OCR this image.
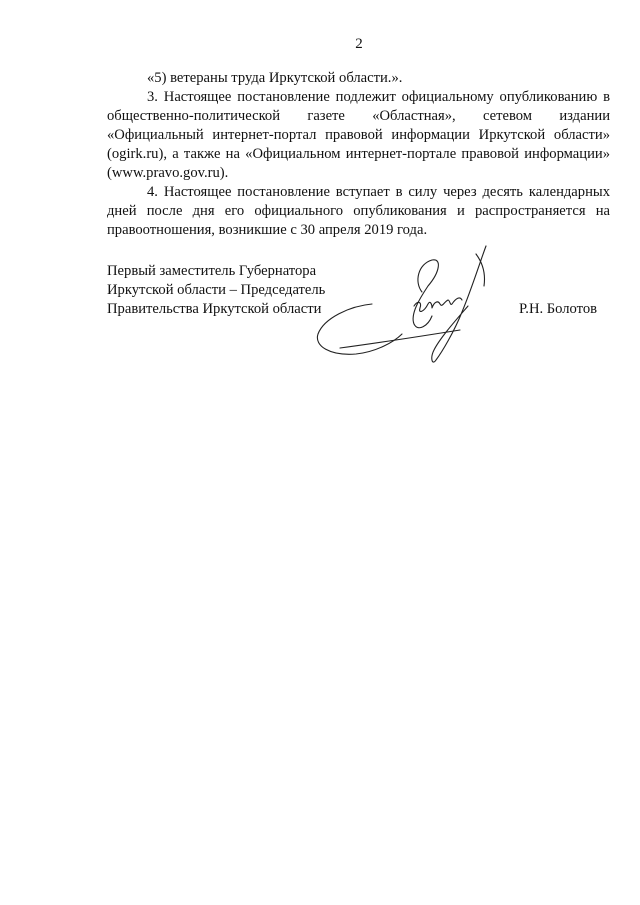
2

«5) ветераны труда Иркутской области.».

3. Настоящее постановление подлежит официальному опубликованию в общественно-политической газете «Областная», сетевом издании «Официальный интернет-портал правовой информации Иркутской области» (ogirk.ru), а также на «Официальном интернет-портале правовой информации» (www.pravo.gov.ru).

4. Настоящее постановление вступает в силу через десять календарных дней после дня его официального опубликования и распространяется на правоотношения, возникшие с 30 апреля 2019 года.

Первый заместитель Губернатора
Иркутской области – Председатель
Правительства Иркутской области	Р.Н. Болотов
